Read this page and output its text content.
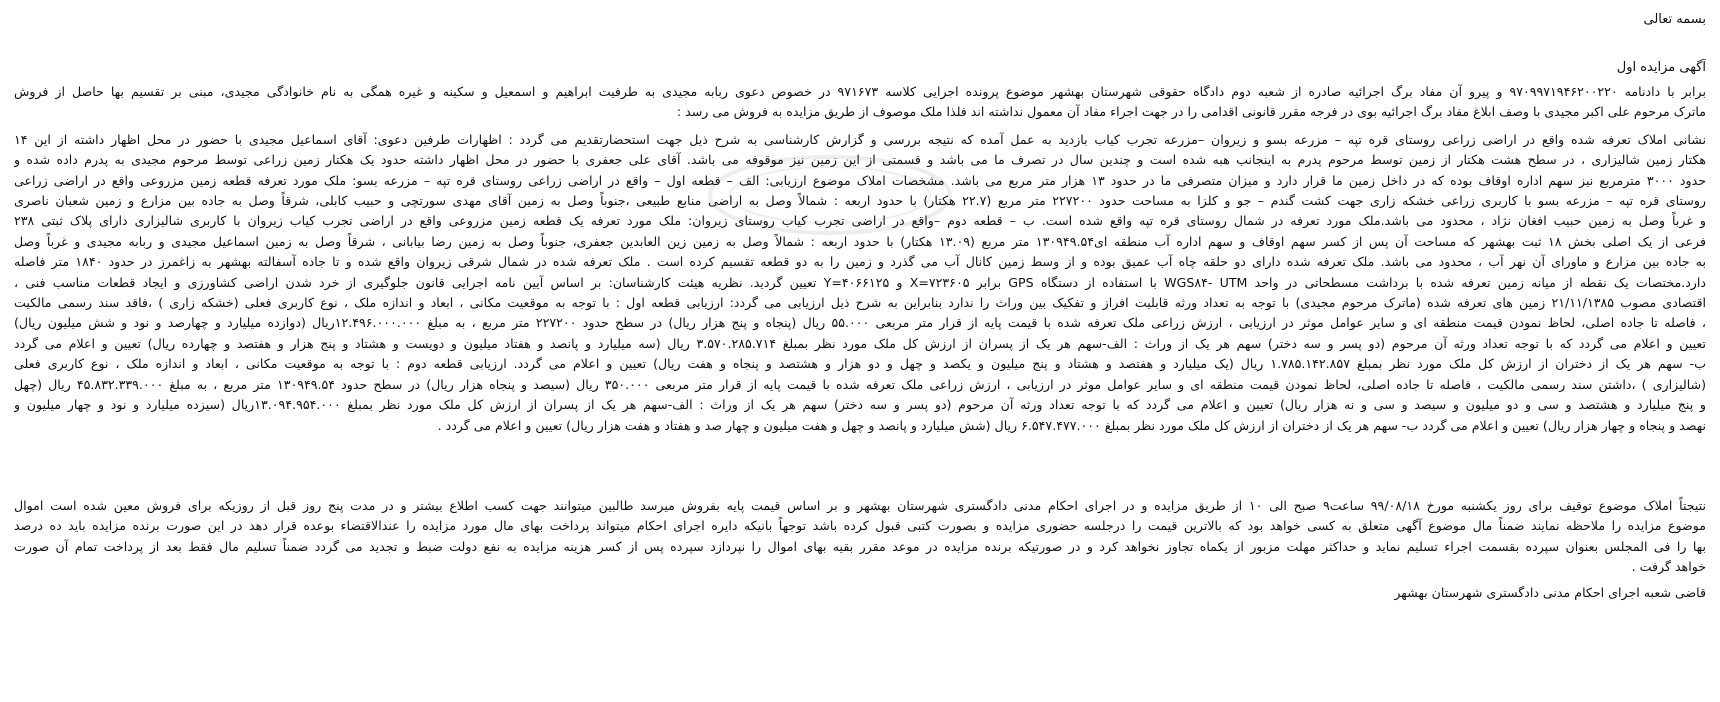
بسمه تعالی
آگهی مزایده اول
برابر با دادنامه ۹۷۰۹۹۷۱۹۴۶۲۰۰۲۲۰ و پیرو آن مفاد برگ اجرائیه صادره از شعبه دوم دادگاه حقوقی شهرستان بهشهر موضوع پرونده اجرایی کلاسه ۹۷۱۶۷۳ در خصوص دعوی ربابه مجیدی به طرفیت ابراهیم و اسمعیل و سکینه و غیره همگی به نام خانوادگی مجیدی، مبنی بر تقسیم بها حاصل از فروش
ماترک مرحوم علی اکبر مجیدی با وصف ابلاغ مفاد برگ اجرائیه بوی در فرجه مقرر قانونی اقدامی را در جهت اجراء مفاد آن معمول نداشته اند فلذا ملک موصوف از طریق مزایده به فروش می رسد :
نشانی املاک تعرفه شده واقع در اراضی زراعی روستای قره تپه – مزرعه بسو و زیروان –مزرعه تجرب کیاب بازدید به عمل آمده که نتیجه بررسی و گزارش کارشناسی به شرح ذیل جهت استحضارتقدیم می گردد : اظهارات طرفین دعوی: آقای اسماعیل مجیدی با حضور در محل اظهار داشته از این ۱۴
هکتار زمین شالیزاری ، در سطح هشت هکتار از زمین توسط مرحوم پدرم به اینجانب هبه شده است و چندین سال در تصرف ما می باشد و قسمتی از این زمین نیز موقوفه می باشد. آقای علی جعفری با حضور در محل اظهار داشته حدود یک هکتار زمین زراعی توسط مرحوم مجیدی به پدرم داده شده و
حدود ۳۰۰۰ مترمربع نیز سهم اداره اوقاف بوده که در داخل زمین ما قرار دارد و میزان متصرفی ما در حدود ۱۳ هزار متر مربع می باشد. مشخصات املاک موضوع ارزیابی: الف – قطعه اول – واقع در اراضی زراعی روستای قره تپه – مزرعه بسو: ملک مورد تعرفه قطعه زمین مزروعی واقع در اراضی زراعی
روستای قره تپه – مزرعه بسو با کاربری زراعی خشکه زاری جهت کشت گندم – جو و کلزا به مساحت حدود ۲۲۷۲۰۰ متر مربع (۲۲.۷ هکتار) با حدود اربعه : شمالاً وصل به اراضی منابع طبیعی ،جنوباً وصل به زمین آقای مهدی سورتچی و حبیب کابلی، شرقاً وصل به جاده بین مزارع و زمین شعبان ناصری
و غرباً وصل به زمین حبیب افغان نژاد ، محدود می باشد.ملک مورد تعرفه در شمال روستای قره تپه واقع شده است. ب – قطعه دوم –واقع در اراضی تجرب کیاب روستای زیروان: ملک مورد تعرفه یک قطعه زمین مزروعی واقع در اراضی تجرب کیاب زیروان با کاربری شالیزاری دارای پلاک ثبتی ۲۳۸
فرعی از یک اصلی بخش ۱۸ ثبت بهشهر که مساحت آن پس از کسر سهم اوقاف و سهم اداره آب منطقه ای۱۳۰۹۴۹.۵۴ متر مربع (۱۳.۰۹ هکتار) با حدود اربعه : شمالاً وصل به زمین زین العابدین جعفری، جنوباً وصل به زمین رضا بیابانی ، شرقاً وصل به زمین اسماعیل مجیدی و ربابه مجیدی و غرباً وصل
به جاده بین مزارع و ماورای آن نهر آب ، محدود می باشد. ملک تعرفه شده دارای دو حلقه چاه آب عمیق بوده و از وسط زمین کانال آب می گذرد و زمین را به دو قطعه تقسیم کرده است . ملک تعرفه شده در شمال شرقی زیروان واقع شده و تا جاده آسفالته بهشهر به زاغمرز در حدود ۱۸۴۰ متر فاصله
دارد.مختصات یک نقطه از میانه زمین تعرفه شده با برداشت مسطحاتی در واحد WGS۸۴- UTM با استفاده از دستگاه GPS برابر X=۷۲۳۶۰۵ و Y=۴۰۶۶۱۲۵ تعیین گردید. نظریه هیئت کارشناسان: بر اساس آیین نامه اجرایی قانون جلوگیری از خرد شدن اراضی کشاورزی و ایجاد قطعات مناسب فنی ،
اقتصادی مصوب ۲۱/۱۱/۱۳۸۵ زمین های تعرفه شده (ماترک مرحوم مجیدی) با توجه به تعداد ورثه قابلیت افراز و تفکیک بین وراث را ندارد بنابراین به شرح ذیل ارزیابی می گردد: ارزیابی قطعه اول : با توجه به موقعیت مکانی ، ابعاد و اندازه ملک ، نوع کاربری فعلی (خشکه زاری ) ،فاقد سند رسمی مالکیت
، فاصله تا جاده اصلی، لحاظ نمودن قیمت منطقه ای و سایر عوامل موثر در ارزیابی ، ارزش زراعی ملک تعرفه شده با قیمت پایه از قرار متر مربعی ۵۵.۰۰۰ ریال (پنجاه و پنج هزار ریال) در سطح حدود ۲۲۷۲۰۰ متر مربع ، به مبلغ ۱۲.۴۹۶.۰۰۰.۰۰۰ریال (دوازده میلیارد و چهارصد و نود و شش میلیون ریال)
تعیین و اعلام می گردد که با توجه تعداد ورثه آن مرحوم (دو پسر و سه دختر) سهم هر یک از وراث : الف-سهم هر یک از پسران از ارزش کل ملک مورد نظر بمبلغ ۳.۵۷۰.۲۸۵.۷۱۴ ریال (سه میلیارد و پانصد و هفتاد میلیون و دویست و هشتاد و پنج هزار و هفتصد و چهارده ریال) تعیین و اعلام می گردد
ب- سهم هر یک از دختران از ارزش کل ملک مورد نظر بمبلغ ۱.۷۸۵.۱۴۲.۸۵۷ ریال (یک میلیارد و هفتصد و هشتاد و پنج میلیون و یکصد و چهل و دو هزار و هشتصد و پنجاه و هفت ریال) تعیین و اعلام می گردد. ارزیابی قطعه دوم : با توجه به موقعیت مکانی ، ابعاد و اندازه ملک ، نوع کاربری فعلی
(شالیزاری ) ،داشتن سند رسمی مالکیت ، فاصله تا جاده اصلی، لحاظ نمودن قیمت منطقه ای و سایر عوامل موثر در ارزیابی ، ارزش زراعی ملک تعرفه شده با قیمت پایه از قرار متر مربعی ۳۵۰.۰۰۰ ریال (سیصد و پنجاه هزار ریال) در سطح حدود ۱۳۰۹۴۹.۵۴ متر مربع ، به مبلغ ۴۵.۸۳۲.۳۳۹.۰۰۰ ریال (چهل
و پنج میلیارد و هشتصد و سی و دو میلیون و سیصد و سی و نه هزار ریال) تعیین و اعلام می گردد که با توجه تعداد ورثه آن مرحوم (دو پسر و سه دختر) سهم هر یک از وراث : الف-سهم هر یک از پسران از ارزش کل ملک مورد نظر بمبلغ ۱۳.۰۹۴.۹۵۴.۰۰۰ریال (سیزده میلیارد و نود و چهار میلیون و
نهصد و پنجاه و چهار هزار ریال) تعیین و اعلام می گردد ب- سهم هر یک از دختران از ارزش کل ملک مورد نظر بمبلغ ۶.۵۴۷.۴۷۷.۰۰۰ ریال (شش میلیارد و پانصد و چهل و هفت میلیون و چهار صد و هفتاد و هفت هزار ریال) تعیین و اعلام می گردد .
نتیجتاً املاک موضوع توقیف برای روز یکشنبه مورخ ۹۹/۰۸/۱۸ ساعت۹ صبح الی ۱۰ از طریق مزایده و در اجرای احکام مدنی دادگستری شهرستان بهشهر و بر اساس قیمت پایه بفروش میرسد طالبین میتوانند جهت کسب اطلاع بیشتر و در مدت پنج روز قبل از روزیکه برای فروش معین شده است اموال
موضوع مزایده را ملاحظه نمایند ضمناً مال موضوع آگهی متعلق به کسی خواهد بود که بالاترین قیمت را درجلسه حضوری مزایده و بصورت کتبی قبول کرده باشد توجهاً بانیکه دایره اجرای احکام میتواند پرداخت بهای مال مورد مزایده را عندالاقتضاء بوعده قرار دهد در این صورت برنده مزایده باید ده درصد
بها را فی المجلس بعنوان سپرده بقسمت اجراء تسلیم نماید و حداکثر مهلت مزبور از یکماه تجاوز نخواهد کرد و در صورتیکه برنده مزایده در موعد مقرر بقیه بهای اموال را نپردازد سپرده پس از کسر هزینه مزایده به نفع دولت ضبط و تجدید می گردد ضمناً تسلیم مال فقط بعد از پرداخت تمام آن صورت
خواهد گرفت .
قاضی شعبه اجرای احکام مدنی دادگستری شهرستان بهشهر
